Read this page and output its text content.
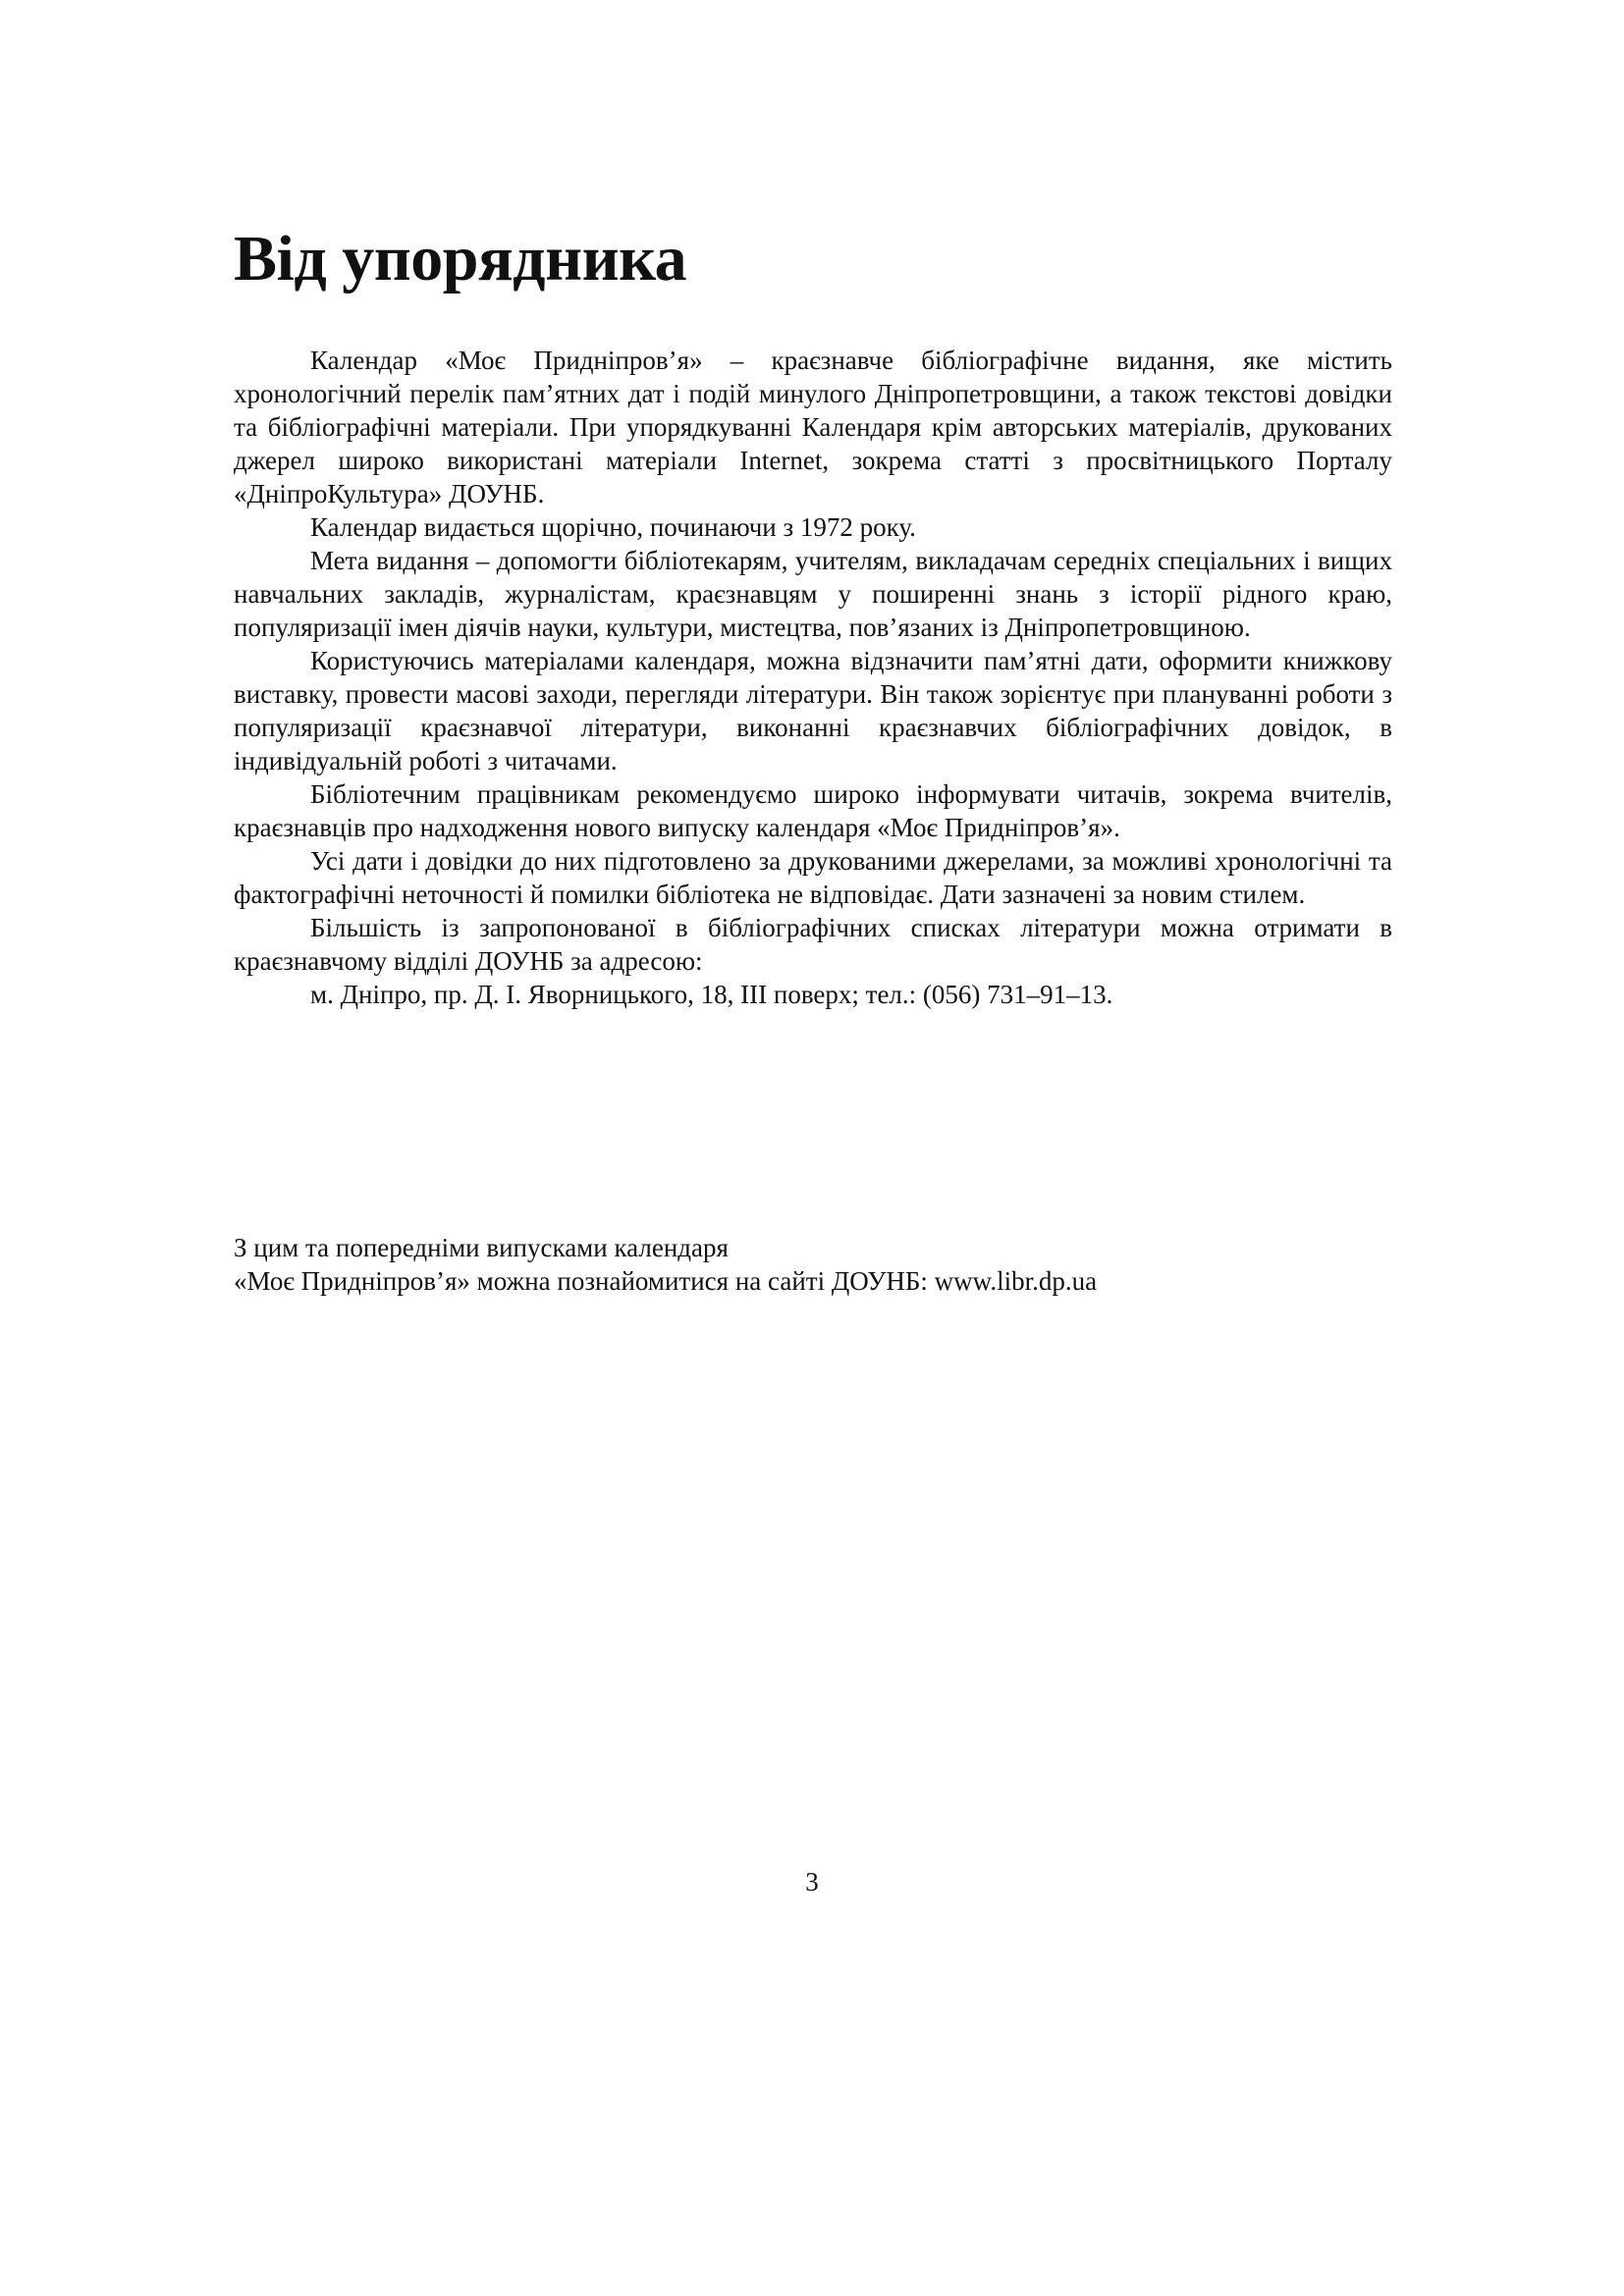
Від упорядника

Календар «Моє Придніпров’я» – краєзнавче бібліографічне видання, яке містить хронологічний перелік пам’ятних дат і подій минулого Дніпропетровщини, а також текстові довідки та бібліографічні матеріали. При упорядкуванні Календаря крім авторських матеріалів, друкованих джерел широко використані матеріали Internet, зокрема статті з просвітницького Порталу «ДніпроКультура» ДОУНБ.

Календар видається щорічно, починаючи з 1972 року.

Мета видання – допомогти бібліотекарям, учителям, викладачам середніх спеціальних і вищих навчальних закладів, журналістам, краєзнавцям у поширенні знань з історії рідного краю, популяризації імен діячів науки, культури, мистецтва, пов’язаних із Дніпропетровщиною.

Користуючись матеріалами календаря, можна відзначити пам’ятні дати, оформити книжкову виставку, провести масові заходи, перегляди літератури. Він також зорієнтує при плануванні роботи з популяризації краєзнавчої літератури, виконанні краєзнавчих бібліографічних довідок, в індивідуальній роботі з читачами.

Бібліотечним працівникам рекомендуємо широко інформувати читачів, зокрема вчителів, краєзнавців про надходження нового випуску календаря «Моє Придніпров’я».

Усі дати і довідки до них підготовлено за друкованими джерелами, за можливі хронологічні та фактографічні неточності й помилки бібліотека не відповідає. Дати зазначені за новим стилем.

Більшість із запропонованої в бібліографічних списках літератури можна отримати в краєзнавчому відділі ДОУНБ за адресою:

м. Дніпро, пр. Д. І. Яворницького, 18, ІІІ поверх; тел.: (056) 731–91–13.

З цим та попередніми випусками календаря
«Моє Придніпров’я» можна познайомитися на сайті ДОУНБ: www.libr.dp.ua
3
